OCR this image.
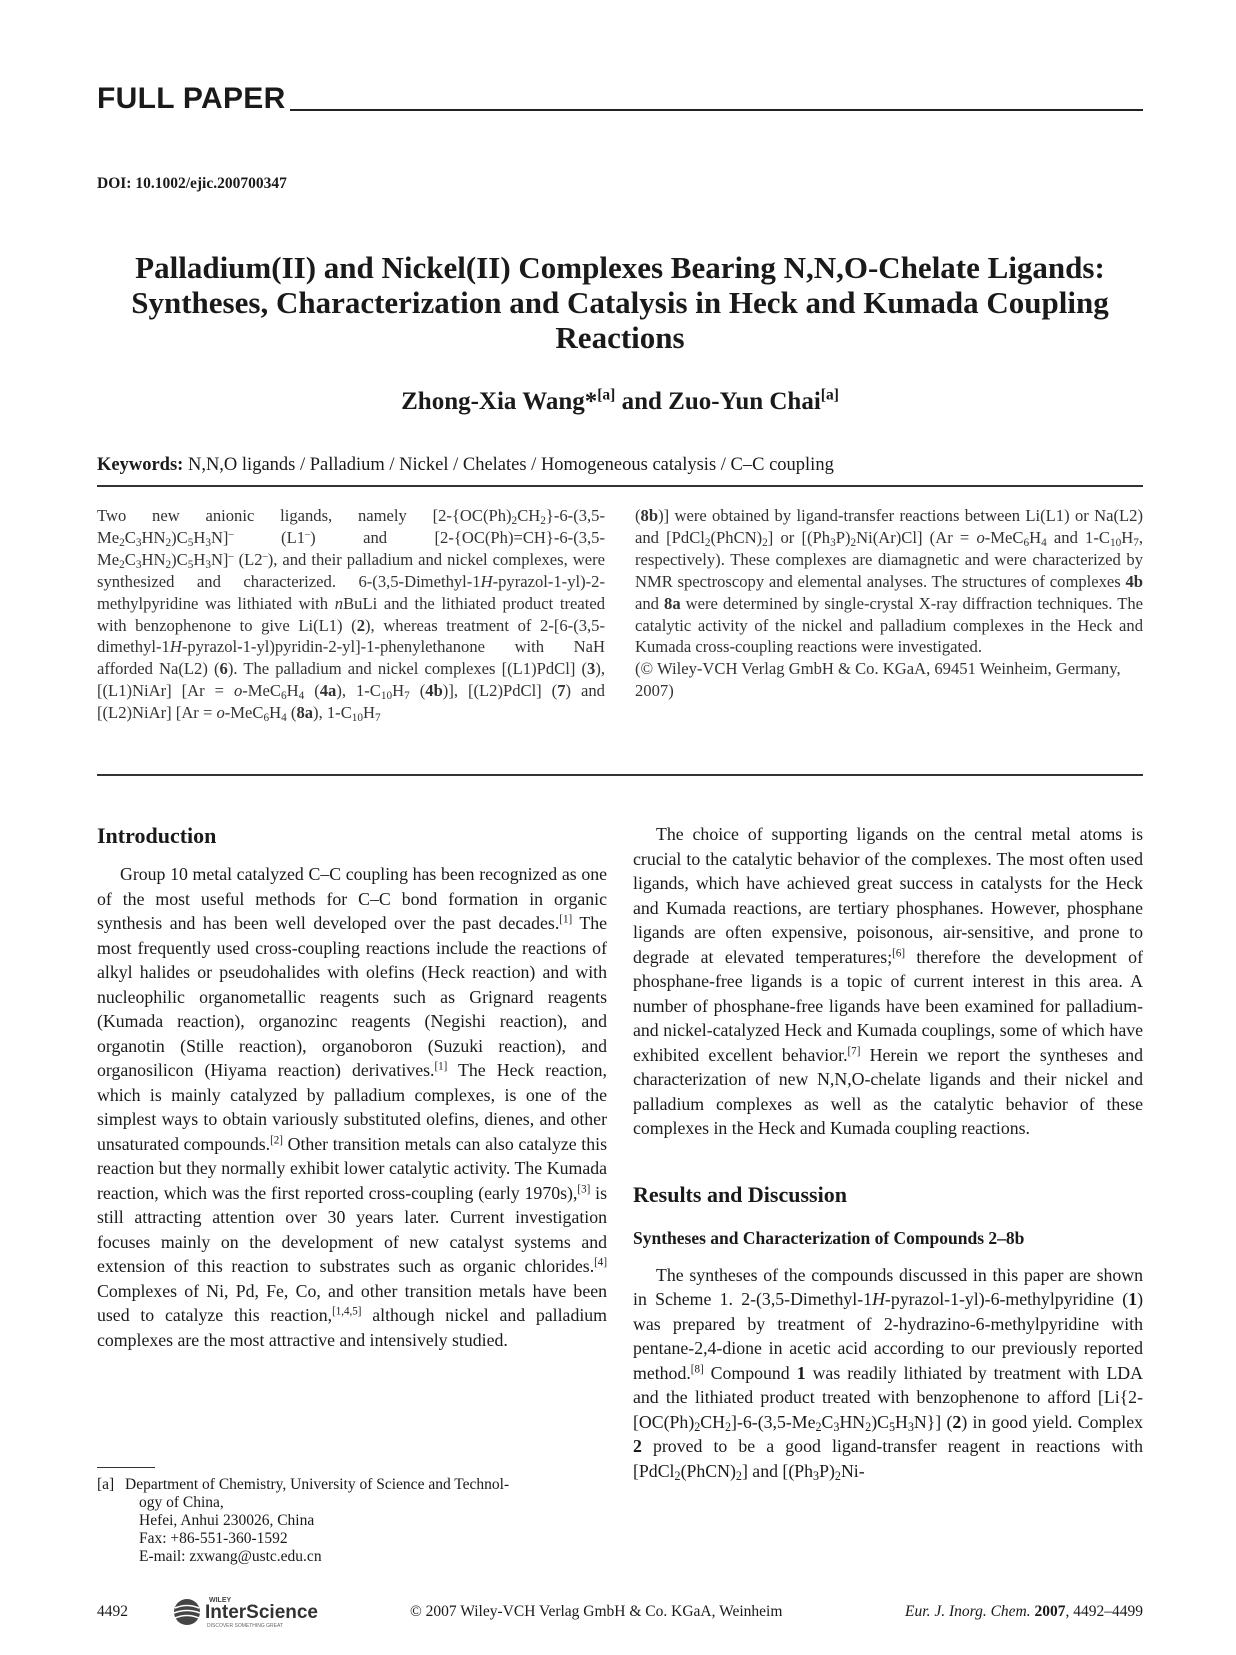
FULL PAPER
DOI: 10.1002/ejic.200700347
Palladium(II) and Nickel(II) Complexes Bearing N,N,O-Chelate Ligands:
Syntheses, Characterization and Catalysis in Heck and Kumada Coupling
Reactions
Zhong-Xia Wang*[a] and Zuo-Yun Chai[a]
Keywords: N,N,O ligands / Palladium / Nickel / Chelates / Homogeneous catalysis / C–C coupling

Two new anionic ligands, namely $[2-\{OC(Ph)_2CH_2\}-6-(3,5-Me_2C_3HN_2)C_5H_3N]^-$ (L1–) and $[2-\{OC(Ph)=CH\}-6-(3,5-Me_2C_3HN_2)C_5H_3N]^-$ (L2–), and their palladium and nickel complexes, were synthesized and characterized. 6-(3,5-Dimethyl-1H-pyrazol-1-yl)-2-methylpyridine was lithiated with nBuLi and the lithiated product treated with benzophenone to give Li(L1) (2), whereas treatment of 2-[6-(3,5-dimethyl-1H-pyrazol-1-yl)pyridin-2-yl]-1-phenylethanone with NaH afforded Na(L2) (6). The palladium and nickel complexes [(L1)PdCl] (3), [(L1)NiAr] [$Ar = o-MeC_6H_4$ (4a), $1-C_{10}H_7$ (4b)], [(L2)PdCl] (7) and [(L2)NiAr] [$Ar = o-MeC_6H_4$ (8a), $1-C_{10}H_7$

(8b)] were obtained by ligand-transfer reactions between Li(L1) or Na(L2) and $[PdCl_2(PhCN)_2]$ or $[(Ph_3P)_2Ni(Ar)Cl] (Ar = o-MeC_6H_4$ and $1-C_{10}H_7$, respectively). These complexes are diamagnetic and were characterized by NMR spectroscopy and elemental analyses. The structures of complexes 4b and 8a were determined by single-crystal X-ray diffraction techniques. The catalytic activity of the nickel and palladium complexes in the Heck and Kumada cross-coupling reactions were investigated.

(© Wiley-VCH Verlag GmbH & Co. KGaA, 69451 Weinheim, Germany, 2007)

Introduction

Group 10 metal catalyzed C–C coupling has been recognized as one of the most useful methods for C–C bond formation in organic synthesis and has been well developed over the past decades.[1] The most frequently used cross-coupling reactions include the reactions of alkyl halides or pseudohalides with olefins (Heck reaction) and with nucleophilic organometallic reagents such as Grignard reagents (Kumada reaction), organozinc reagents (Negishi reaction), and organotin (Stille reaction), organoboron (Suzuki reaction), and organosilicon (Hiyama reaction) derivatives.[1] The Heck reaction, which is mainly catalyzed by palladium complexes, is one of the simplest ways to obtain variously substituted olefins, dienes, and other unsaturated compounds.[2] Other transition metals can also catalyze this reaction but they normally exhibit lower catalytic activity. The Kumada reaction, which was the first reported cross-coupling (early 1970s),[3] is still attracting attention over 30 years later. Current investigation focuses mainly on the development of new catalyst systems and extension of this reaction to substrates such as organic chlorides.[4] Complexes of Ni, Pd, Fe, Co, and other transition metals have been used to catalyze this reaction,[1,4,5] although nickel and palladium complexes are the most attractive and intensively studied.

The choice of supporting ligands on the central metal atoms is crucial to the catalytic behavior of the complexes. The most often used ligands, which have achieved great success in catalysts for the Heck and Kumada reactions, are tertiary phosphanes. However, phosphane ligands are often expensive, poisonous, air-sensitive, and prone to degrade at elevated temperatures;[6] therefore the development of phosphane-free ligands is a topic of current interest in this area. A number of phosphane-free ligands have been examined for palladium- and nickel-catalyzed Heck and Kumada couplings, some of which have exhibited excellent behavior.[7] Herein we report the syntheses and characterization of new N,N,O-chelate ligands and their nickel and palladium complexes as well as the catalytic behavior of these complexes in the Heck and Kumada coupling reactions.

Results and Discussion
Syntheses and Characterization of Compounds 2–8b

The syntheses of the compounds discussed in this paper are shown in Scheme 1. 2-(3,5-Dimethyl-1H-pyrazol-1-yl)-6-methylpyridine (1) was prepared by treatment of 2-hydrazino-6-methylpyridine with pentane-2,4-dione in acetic acid according to our previously reported method.[8] Compound 1 was readily lithiated by treatment with LDA and the lithiated product treated with benzophenone to afford $[Li\{2-[OC(Ph)_2CH_2]-6-(3,5-Me_2C_3HN_2)C_5H_3N\}]$ (2) in good yield. Complex 2 proved to be a good ligand-transfer reagent in reactions with $[PdCl_2(PhCN)_2]$ and [$(Ph_3P)_2Ni-$

[a] Department of Chemistry, University of Science and Technol-
ogy of China,
Hefei, Anhui 230026, China
Fax: +86-551-360-1592
E-mail: zxwang@ustc.edu.cn
4492
WILEY
InterScience
DISCOVER SOMETHING GREAT
© 2007 Wiley-VCH Verlag GmbH & Co. KGaA, Weinheim	Eur. J. Inorg. Chem. 2007, 4492–4499
